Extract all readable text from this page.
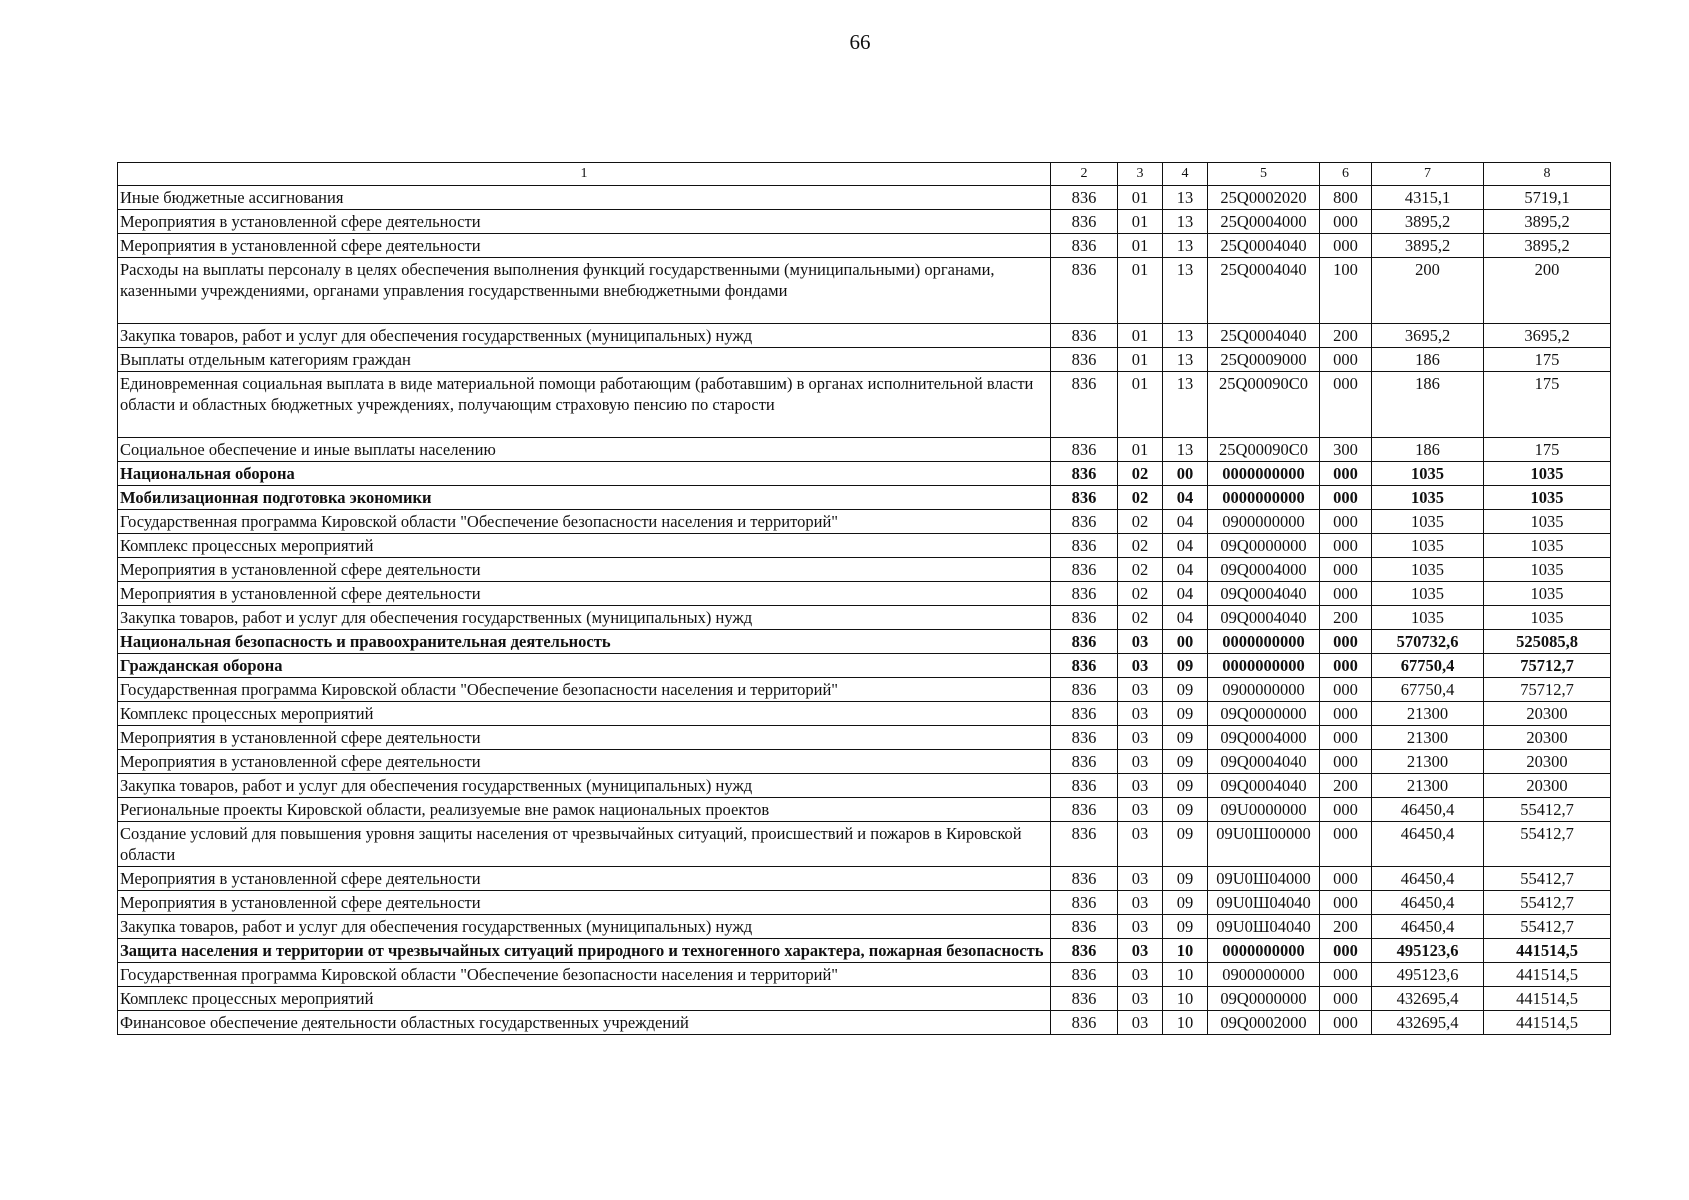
66
1	2	3	4	5	6	7	8
Иные бюджетные ассигнования	836	01	13	25Q0002020	800	4315,1	5719,1
Мероприятия в установленной сфере деятельности	836	01	13	25Q0004000	000	3895,2	3895,2
Мероприятия в установленной сфере деятельности	836	01	13	25Q0004040	000	3895,2	3895,2
Расходы на выплаты персоналу в целях обеспечения выполнения функций государственными (муниципальными) органами, казенными учреждениями, органами управления государственными внебюджетными фондами	836	01	13	25Q0004040	100	200	200
Закупка товаров, работ и услуг для обеспечения государственных (муниципальных) нужд	836	01	13	25Q0004040	200	3695,2	3695,2
Выплаты отдельным категориям граждан	836	01	13	25Q0009000	000	186	175
Единовременная социальная выплата в виде материальной помощи работающим (работавшим) в органах исполнительной власти области и областных бюджетных учреждениях, получающим страховую пенсию по старости	836	01	13	25Q00090C0	000	186	175
Социальное обеспечение и иные выплаты населению	836	01	13	25Q00090C0	300	186	175
Национальная оборона	836	02	00	0000000000	000	1035	1035
Мобилизационная подготовка экономики	836	02	04	0000000000	000	1035	1035
Государственная программа Кировской области "Обеспечение безопасности населения и территорий"	836	02	04	0900000000	000	1035	1035
Комплекс процессных мероприятий	836	02	04	09Q0000000	000	1035	1035
Мероприятия в установленной сфере деятельности	836	02	04	09Q0004000	000	1035	1035
Мероприятия в установленной сфере деятельности	836	02	04	09Q0004040	000	1035	1035
Закупка товаров, работ и услуг для обеспечения государственных (муниципальных) нужд	836	02	04	09Q0004040	200	1035	1035
Национальная безопасность и правоохранительная деятельность	836	03	00	0000000000	000	570732,6	525085,8
Гражданская оборона	836	03	09	0000000000	000	67750,4	75712,7
Государственная программа Кировской области "Обеспечение безопасности населения и территорий"	836	03	09	0900000000	000	67750,4	75712,7
Комплекс процессных мероприятий	836	03	09	09Q0000000	000	21300	20300
Мероприятия в установленной сфере деятельности	836	03	09	09Q0004000	000	21300	20300
Мероприятия в установленной сфере деятельности	836	03	09	09Q0004040	000	21300	20300
Закупка товаров, работ и услуг для обеспечения государственных (муниципальных) нужд	836	03	09	09Q0004040	200	21300	20300
Региональные проекты Кировской области, реализуемые вне рамок национальных проектов	836	03	09	09U0000000	000	46450,4	55412,7
Создание условий для повышения уровня защиты населения от чрезвычайных ситуаций, происшествий и пожаров в Кировской области	836	03	09	09U0Ш00000	000	46450,4	55412,7
Мероприятия в установленной сфере деятельности	836	03	09	09U0Ш04000	000	46450,4	55412,7
Мероприятия в установленной сфере деятельности	836	03	09	09U0Ш04040	000	46450,4	55412,7
Закупка товаров, работ и услуг для обеспечения государственных (муниципальных) нужд	836	03	09	09U0Ш04040	200	46450,4	55412,7
Защита населения и территории от чрезвычайных ситуаций природного и техногенного характера, пожарная безопасность	836	03	10	0000000000	000	495123,6	441514,5
Государственная программа Кировской области "Обеспечение безопасности населения и территорий"	836	03	10	0900000000	000	495123,6	441514,5
Комплекс процессных мероприятий	836	03	10	09Q0000000	000	432695,4	441514,5
Финансовое обеспечение деятельности областных государственных учреждений	836	03	10	09Q0002000	000	432695,4	441514,5
